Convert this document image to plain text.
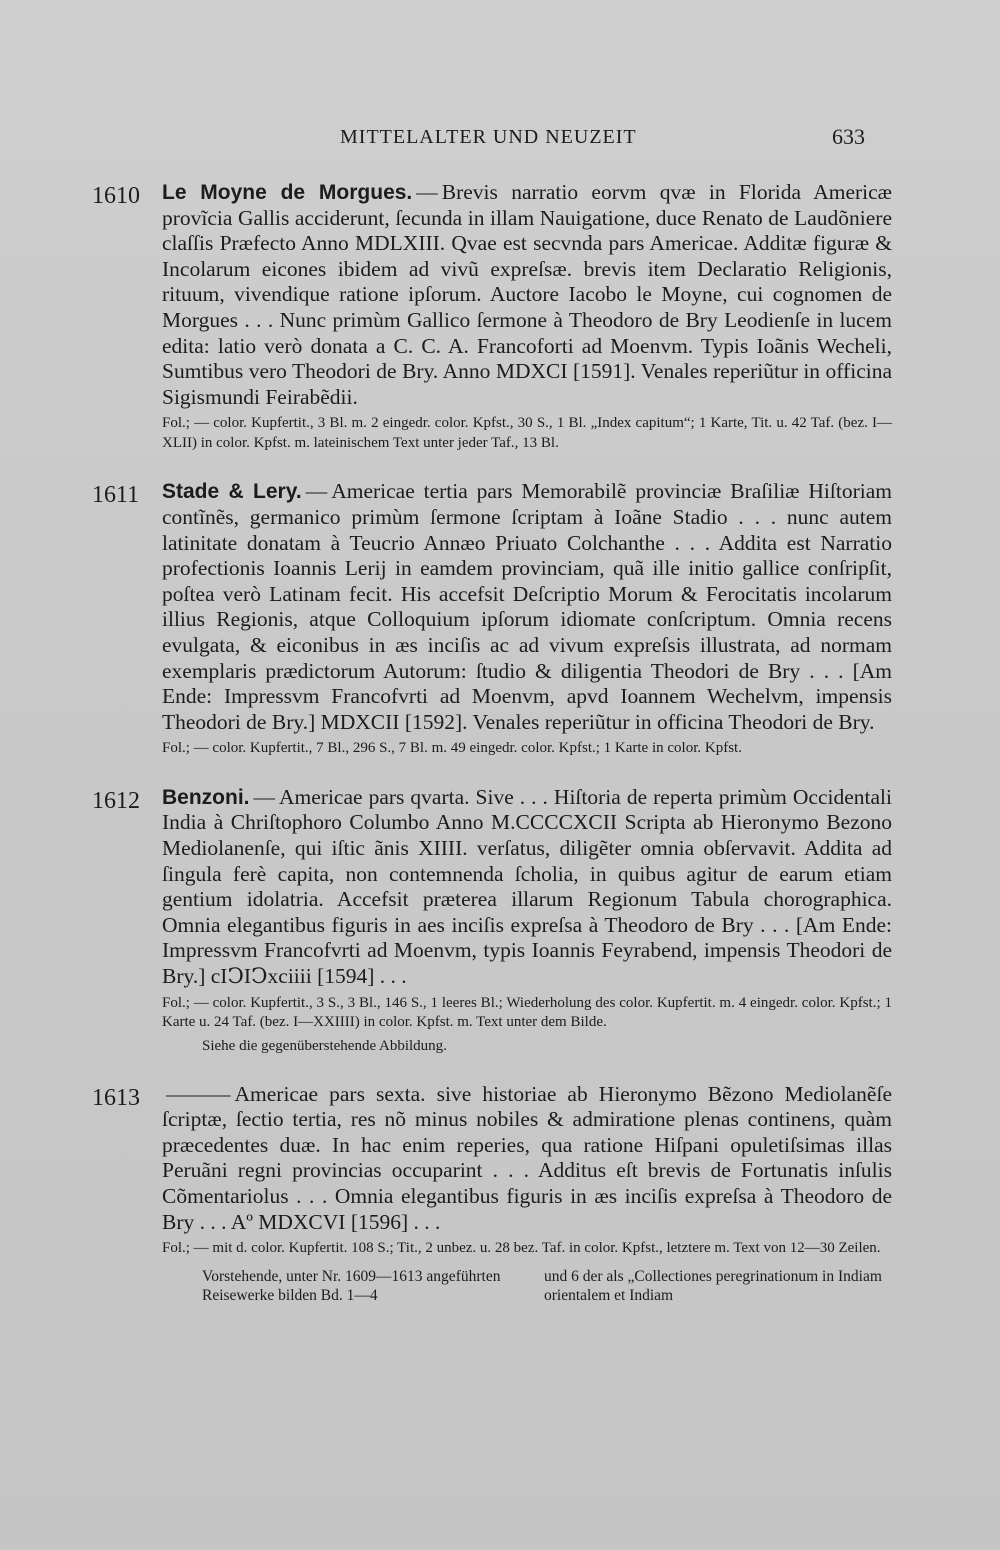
MITTELALTER UND NEUZEIT	633
1610 Le Moyne de Morgues. — Brevis narratio eorvm qvæ in Florida Americæ provĩcia Gallis acciderunt, ſecunda in illam Nauigatione, duce Renato de Laudõniere claſſis Præfecto Anno MDLXIII. Qvae est secvnda pars Americae. Additæ figuræ & Incolarum eicones ibidem ad vivũ expreſsæ. brevis item Declaratio Religionis, rituum, vivendique ratione ipſorum. Auctore Iacobo le Moyne, cui cognomen de Morgues . . . Nunc primùm Gallico ſermone à Theodoro de Bry Leodienſe in lucem edita: latio verò donata a C. C. A. Francoforti ad Moenvm. Typis Ioãnis Wecheli, Sumtibus vero Theodori de Bry. Anno MDXCI [1591]. Venales reperiũtur in officina Sigismundi Feirabẽdii.

Fol.; — color. Kupfertit., 3 Bl. m. 2 eingedr. color. Kpfst., 30 S., 1 Bl. „Index capitum“; 1 Karte, Tit. u. 42 Taf. (bez. I—XLII) in color. Kpfst. m. lateinischem Text unter jeder Taf., 13 Bl.

1611 Stade & Lery. — Americae tertia pars Memorabilẽ provinciæ Braſiliæ Hiſtoriam contĩnẽs, germanico primùm ſermone ſcriptam à Ioãne Stadio . . . nunc autem latinitate donatam à Teucrio Annæo Priuato Colchanthe . . . Addita est Narratio profectionis Ioannis Lerij in eamdem provinciam, quã ille initio gallice conſripſit, poſtea verò Latinam fecit. His accefsit Deſcriptio Morum & Ferocitatis incolarum illius Regionis, atque Colloquium ipſorum idiomate conſcriptum. Omnia recens evulgata, & eiconibus in æs inciſis ac ad vivum expreſsis illustrata, ad normam exemplaris prædictorum Autorum: ſtudio & diligentia Theodori de Bry . . . [Am Ende: Impressvm Francofvrti ad Moenvm, apvd Ioannem Wechelvm, impensis Theodori de Bry.] MDXCII [1592]. Venales reperiũtur in officina Theodori de Bry.

Fol.; — color. Kupfertit., 7 Bl., 296 S., 7 Bl. m. 49 eingedr. color. Kpfst.; 1 Karte in color. Kpfst.

1612 Benzoni. — Americae pars qvarta. Sive . . . Hiſtoria de reperta primùm Occidentali India à Chriſtophoro Columbo Anno M.CCCCXCII Scripta ab Hieronymo Bezono Mediolanenſe, qui iſtic ãnis XIIII. verſatus, diligẽter omnia obſervavit. Addita ad ſingula ferè capita, non contemnenda ſcholia, in quibus agitur de earum etiam gentium idolatria. Accefsit præterea illarum Regionum Tabula chorographica. Omnia elegantibus figuris in aes inciſis expreſsa à Theodoro de Bry . . . [Am Ende: Impressvm Francofvrti ad Moenvm, typis Ioannis Feyrabend, impensis Theodori de Bry.] cIↃIↃxciiii [1594] . . .

Fol.; — color. Kupfertit., 3 S., 3 Bl., 146 S., 1 leeres Bl.; Wiederholung des color. Kupfertit. m. 4 eingedr. color. Kpfst.; 1 Karte u. 24 Taf. (bez. I—XXIIII) in color. Kpfst. m. Text unter dem Bilde.

Siehe die gegenüberstehende Abbildung.

1613 ——— Americae pars sexta. sive historiae ab Hieronymo Bẽzono Mediolanẽſe ſcriptæ, ſectio tertia, res nõ minus nobiles & admiratione plenas continens, quàm præcedentes duæ. In hac enim reperies, qua ratione Hiſpani opuletiſsimas illas Peruãni regni provincias occuparint . . . Additus eſt brevis de Fortunatis inſulis Cõmentariolus . . . Omnia elegantibus figuris in æs inciſis expreſsa à Theodoro de Bry . . . Aº MDXCVI [1596] . . .

Fol.; — mit d. color. Kupfertit. 108 S.; Tit., 2 unbez. u. 28 bez. Taf. in color. Kpfst., letztere m. Text von 12—30 Zeilen.

Vorstehende, unter Nr. 1609—1613 angeführten Reisewerke bilden Bd. 1—4
und 6 der als „Collectiones peregrinationum in Indiam orientalem et Indiam
